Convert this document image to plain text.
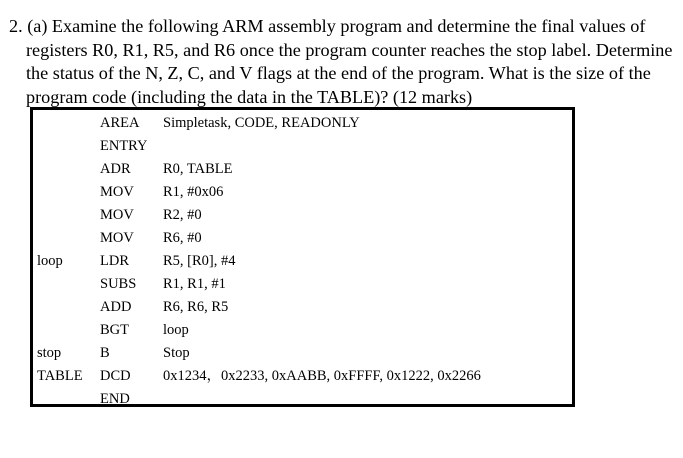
2. (a) Examine the following ARM assembly program and determine the final values of
registers R0, R1, R5, and R6 once the program counter reaches the stop label. Determine
the status of the N, Z, C, and V flags at the end of the program. What is the size of the
program code (including the data in the TABLE)? (12 marks)
AREA Simpletask, CODE, READONLY
ENTRY
ADR R0, TABLE
MOV R1, #0x06
MOV R2, #0
MOV R6, #0
loop	LDR R5, [R0], #4
SUBS R1, R1, #1
ADD R6, R6, R5
BGT loop
stop	B	Stop
TABLE DCD 0x1234，0x2233, 0xAABB, 0xFFFF, 0x1222, 0x2266
END
